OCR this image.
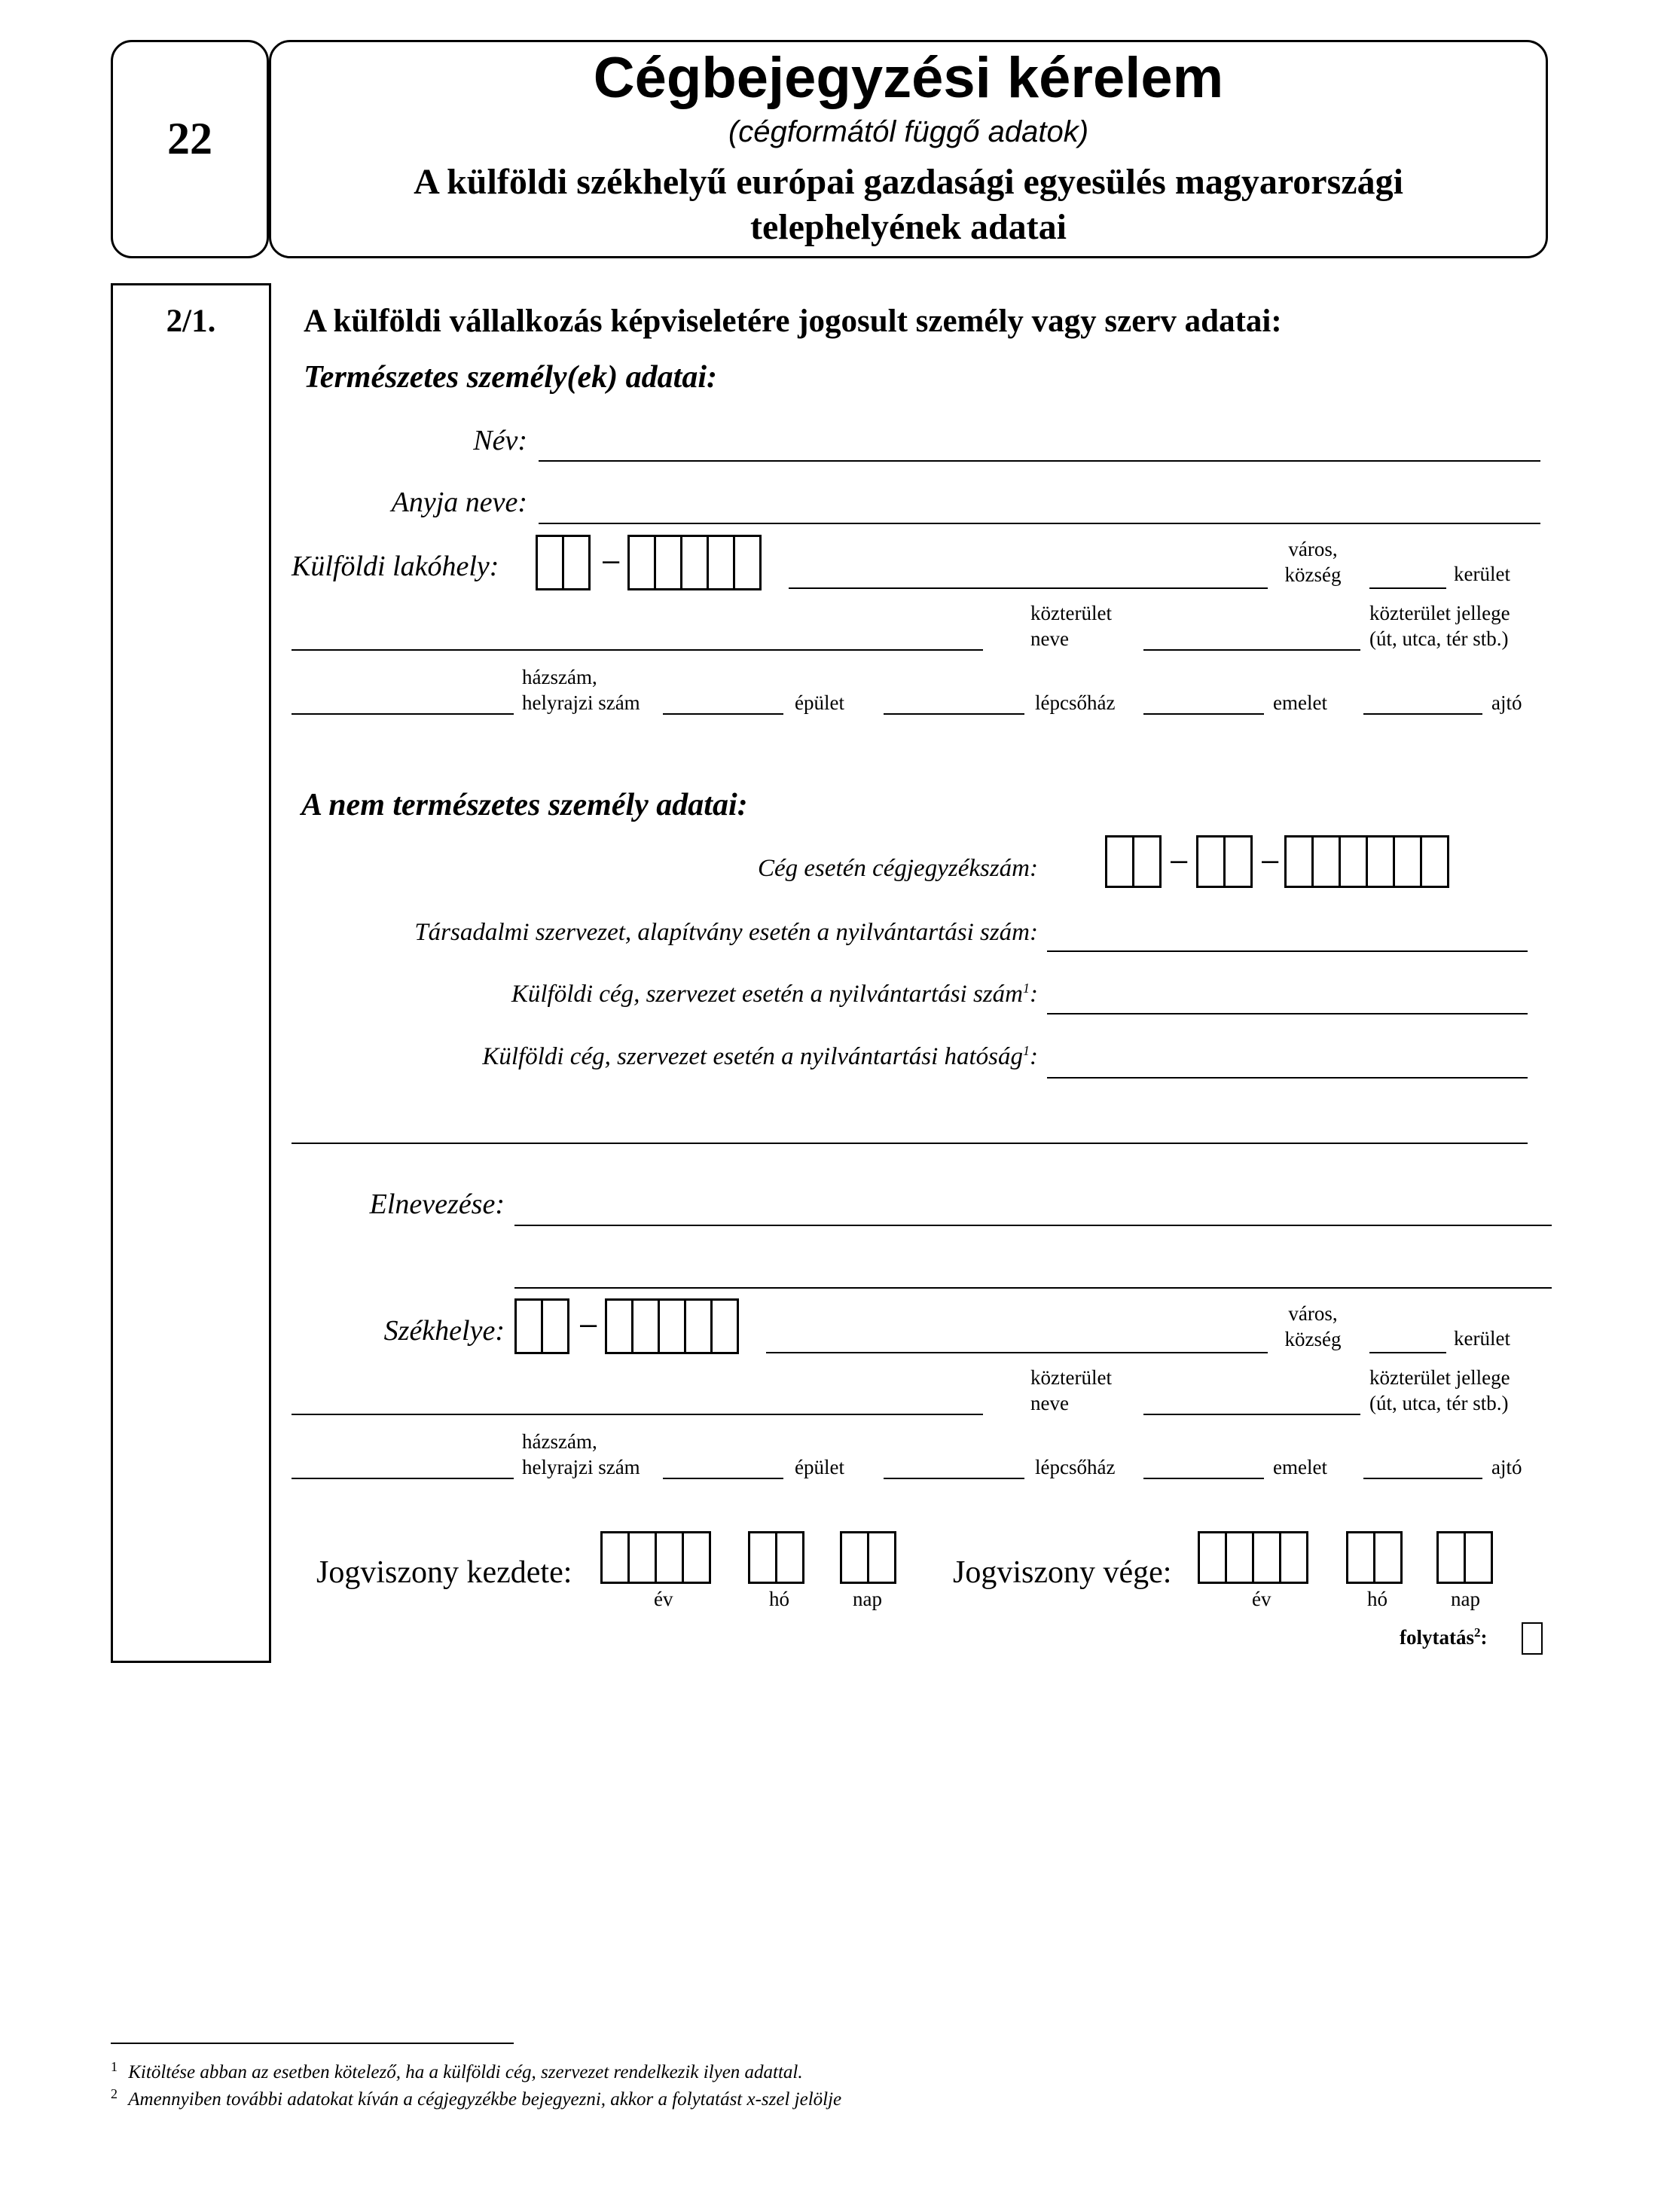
22
Cégbejegyzési kérelem
(cégformától függő adatok)
A külföldi székhelyű európai gazdasági egyesülés magyarországi
telephelyének adatai
2/1.	A külföldi vállalkozás képviseletére jogosult személy vagy szerv adatai:
Természetes személy(ek) adatai:
Név:
Anyja neve:
Külföldi lakóhely:	–	város,
község	kerület
közterület
neve
közterület jellege
(út, utca, tér stb.)
házszám,
helyrajzi szám	épület	lépcsőház	emelet	ajtó
A nem természetes személy adatai:
Cég esetén cégjegyzékszám:	– –
Társadalmi szervezet, alapítvány esetén a nyilvántartási szám:
Külföldi cég, szervezet esetén a nyilvántartási szám$^1$:
Külföldi cég, szervezet esetén a nyilvántartási hatóság$^1$:
Elnevezése:
Székhelye:	–	város,
község	kerület
közterület
neve
közterület jellege
(út, utca, tér stb.)
házszám,
helyrajzi szám	épület	lépcsőház	emelet	ajtó
Jogviszony kezdete:
év	hó	nap
Jogviszony vége:
év	hó	nap
folytatás$^2$:
$^1$ Kitöltése abban az esetben kötelező, ha a külföldi cég, szervezet rendelkezik ilyen adattal.
$^2$ Amennyiben további adatokat kíván a cégjegyzékbe bejegyezni, akkor a folytatást x-szel jelölje
